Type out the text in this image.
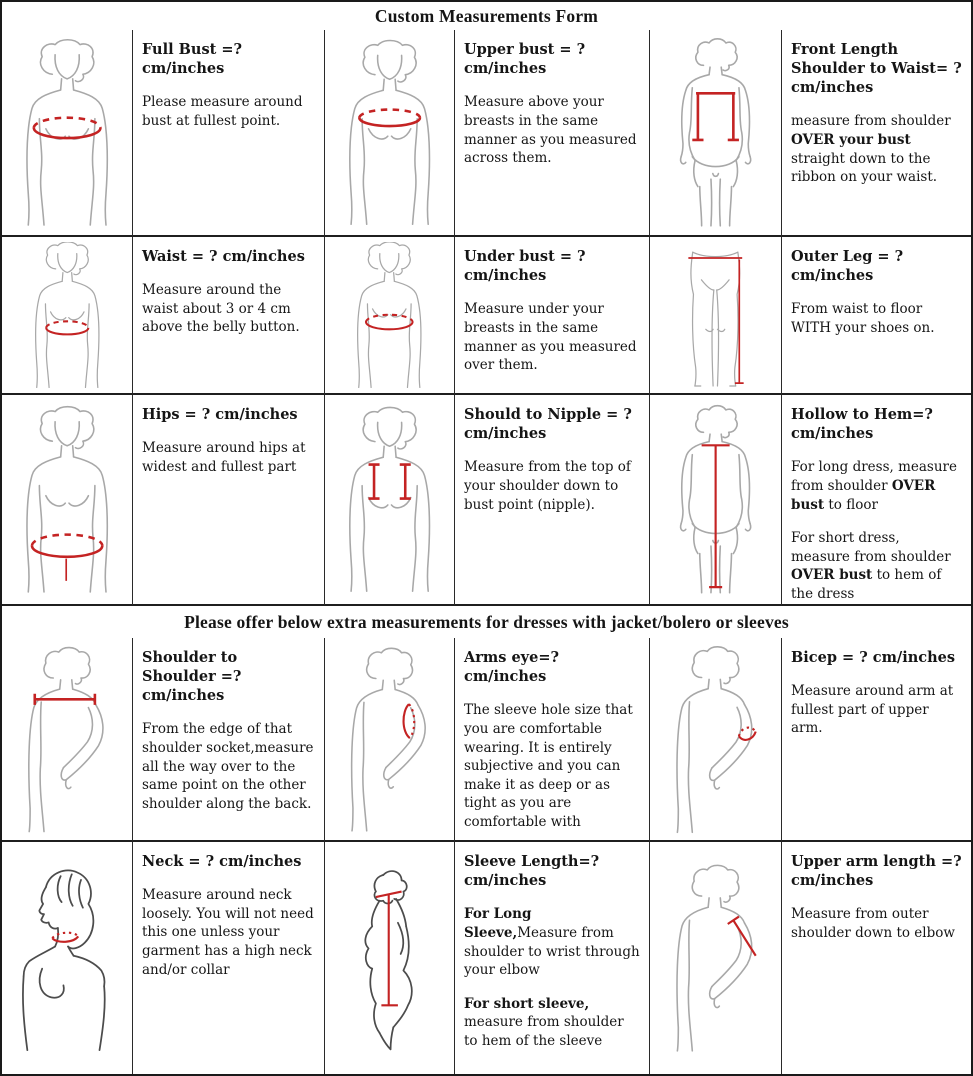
Custom Measurements Form
Full Bust =? cm/inches

Please measure around bust at fullest point.

Upper bust = ? cm/inches

Measure above your breasts in the same manner as you measured across them.

Front Length Shoulder to Waist= ? cm/inches

measure from shoulder OVER your bust straight down to the ribbon on your waist.

Waist = ? cm/inches

Measure around the waist about 3 or 4 cm above the belly button.

Under bust = ? cm/inches

Measure under your breasts in the same manner as you measured over them.

Outer Leg = ? cm/inches

From waist to floor WITH your shoes on.

Hips = ? cm/inches

Measure around hips at widest and fullest part

Should to Nipple = ? cm/inches

Measure from the top of your shoulder down to bust point (nipple).

Hollow to Hem=?cm/inches

For long dress, measure from shoulder OVER bust to floor

For short dress, measure from shoulder OVER bust to hem of the dress

Please offer below extra measurements for dresses with jacket/bolero or sleeves
Shoulder to Shoulder =? cm/inches

From the edge of that shoulder socket,measure all the way over to the same point on the other shoulder along the back.

Arms eye=? cm/inches

The sleeve hole size that you are comfortable wearing. It is entirely subjective and you can make it as deep or as tight as you are comfortable with

Bicep = ? cm/inches

Measure around arm at fullest part of upper arm.

Neck = ? cm/inches

Measure around neck loosely. You will not need this one unless your garment has a high neck and/or collar

Sleeve Length=? cm/inches

For Long Sleeve,Measure from shoulder to wrist through your elbow

For short sleeve, measure from shoulder to hem of the sleeve

Upper arm length =? cm/inches

Measure from outer shoulder down to elbow
